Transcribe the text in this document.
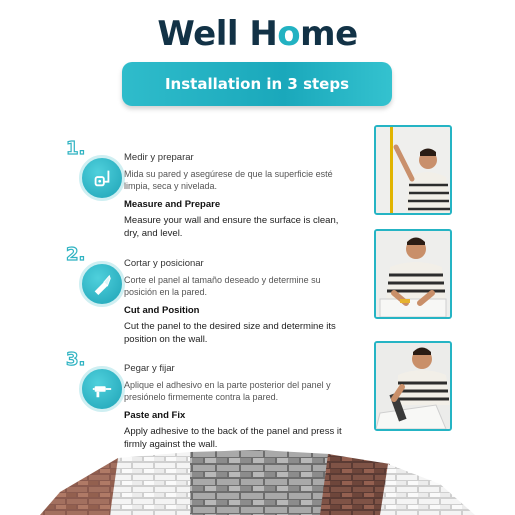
Well Home
Installation in 3 steps
1.	Medir y preparar
Mida su pared y asegúrese de que la superficie esté limpia, seca y nivelada.
Measure and Prepare
Measure your wall and ensure the surface is clean, dry, and level.
2.	Cortar y posicionar
Corte el panel al tamaño deseado y determine su posición en la pared.
Cut and Position
Cut the panel to the desired size and determine its position on the wall.
3.	Pegar y fijar
Aplique el adhesivo en la parte posterior del panel y presiónelo firmemente contra la pared.
Paste and Fix
Apply adhesive to the back of the panel and press it firmly against the wall.
